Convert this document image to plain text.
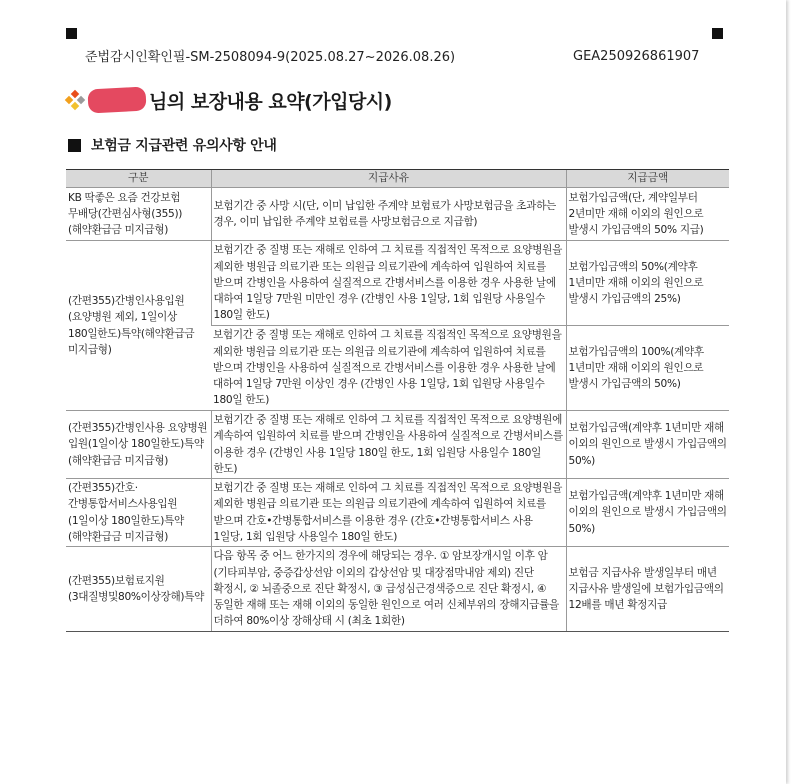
준법감시인확인필-SM-2508094-9(2025.08.27~2026.08.26)	GEA250926861907
님의 보장내용 요약(가입당시)
보험금 지급관련 유의사항 안내
구분	지급사유	지급금액
KB 딱좋은 요즘 건강보험 무배당(간편심사형(355))(해약환급금 미지급형)	보험기간 중 사망 시(단, 이미 납입한 주계약 보험료가 사망보험금을 초과하는 경우, 이미 납입한 주계약 보험료를 사망보험금으로 지급함)	보험가입금액(단, 계약일부터 2년미만 재해 이외의 원인으로 발생시 가입금액의 50% 지급)
(간편355)간병인사용입원(요양병원 제외, 1일이상 180일한도)특약(해약환급금 미지급형)	보험기간 중 질병 또는 재해로 인하여 그 치료를 직접적인 목적으로 요양병원을 제외한 병원급 의료기관 또는 의원급 의료기관에 계속하여 입원하여 치료를 받으며 간병인을 사용하여 실질적으로 간병서비스를 이용한 경우 사용한 날에 대하여 1일당 7만원 미만인 경우 (간병인 사용 1일당, 1회 입원당 사용일수 180일 한도)	보험가입금액의 50%(계약후 1년미만 재해 이외의 원인으로 발생시 가입금액의 25%)
	보험기간 중 질병 또는 재해로 인하여 그 치료를 직접적인 목적으로 요양병원을 제외한 병원급 의료기관 또는 의원급 의료기관에 계속하여 입원하여 치료를 받으며 간병인을 사용하여 실질적으로 간병서비스를 이용한 경우 사용한 날에 대하여 1일당 7만원 이상인 경우 (간병인 사용 1일당, 1회 입원당 사용일수 180일 한도)	보험가입금액의 100%(계약후 1년미만 재해 이외의 원인으로 발생시 가입금액의 50%)
(간편355)간병인사용 요양병원 입원(1일이상 180일한도)특약(해약환급금 미지급형)	보험기간 중 질병 또는 재해로 인하여 그 치료를 직접적인 목적으로 요양병원에 계속하여 입원하여 치료를 받으며 간병인을 사용하여 실질적으로 간병서비스를 이용한 경우 (간병인 사용 1일당 180일 한도, 1회 입원당 사용일수 180일 한도)	보험가입금액(계약후 1년미만 재해 이외의 원인으로 발생시 가입금액의 50%)
(간편355)간호·간병통합서비스사용입원(1일이상 180일한도)특약(해약환급금 미지급형)	보험기간 중 질병 또는 재해로 인하여 그 치료를 직접적인 목적으로 요양병원을 제외한 병원급 의료기관 또는 의원급 의료기관에 계속하여 입원하여 치료를 받으며 간호•간병통합서비스를 이용한 경우 (간호•간병통합서비스 사용 1일당, 1회 입원당 사용일수 180일 한도)	보험가입금액(계약후 1년미만 재해 이외의 원인으로 발생시 가입금액의 50%)
(간편355)보험료지원(3대질병및80%이상장해)특약	다음 항목 중 어느 한가지의 경우에 해당되는 경우. ① 암보장개시일 이후 암(기타피부암, 중증갑상선암 이외의 갑상선암 및 대장점막내암 제외) 진단 확정시, ② 뇌졸중으로 진단 확정시, ③ 급성심근경색증으로 진단 확정시, ④ 동일한 재해 또는 재해 이외의 동일한 원인으로 여러 신체부위의 장해지급률을 더하여 80%이상 장해상태 시 (최초 1회한)	보험금 지급사유 발생일부터 매년 지급사유 발생일에 보험가입금액의 12배를 매년 확정지급
